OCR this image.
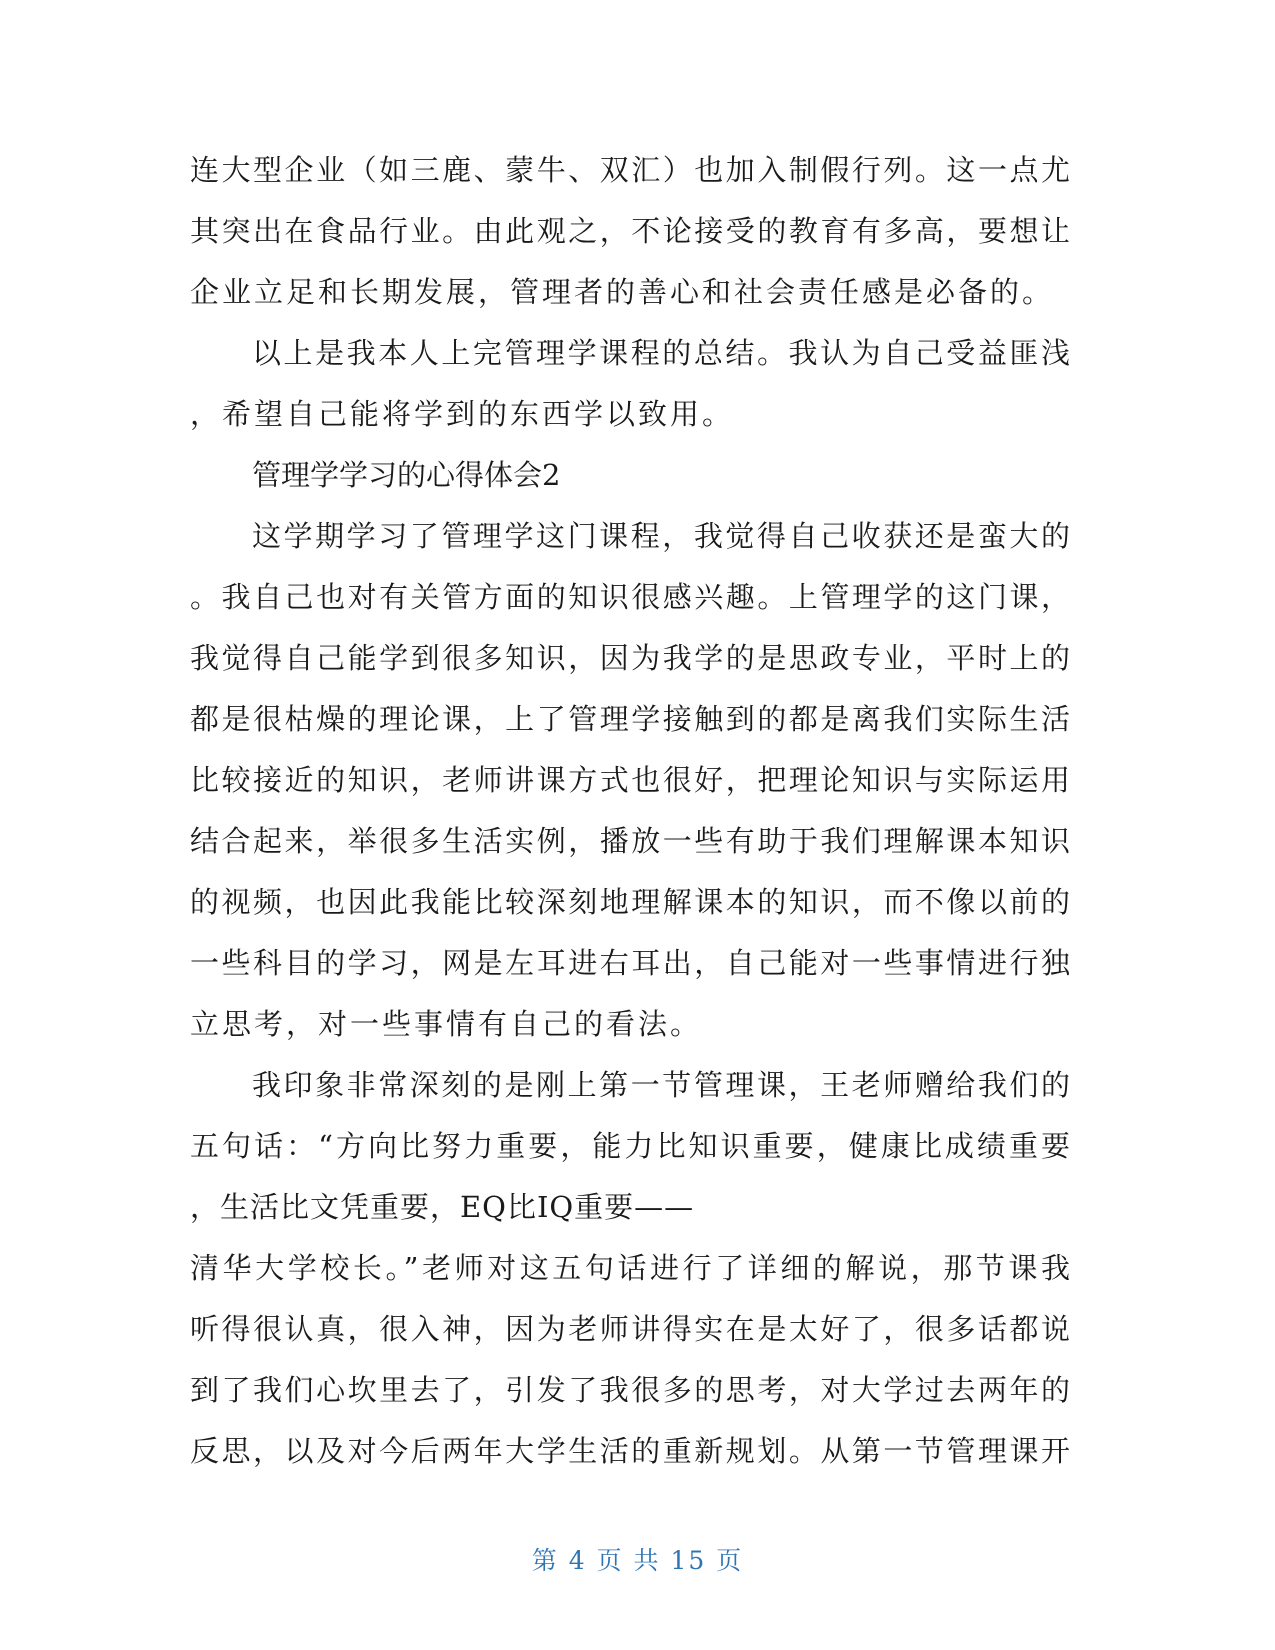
连大型企业（如三鹿、蒙牛、双汇）也加入制假行列。这一点尤
其突出在食品行业。由此观之，不论接受的教育有多高，要想让
企业立足和长期发展，管理者的善心和社会责任感是必备的。
以上是我本人上完管理学课程的总结。我认为自己受益匪浅
，希望自己能将学到的东西学以致用。
管理学学习的心得体会2
这学期学习了管理学这门课程，我觉得自己收获还是蛮大的
。我自己也对有关管方面的知识很感兴趣。上管理学的这门课，
我觉得自己能学到很多知识，因为我学的是思政专业，平时上的
都是很枯燥的理论课，上了管理学接触到的都是离我们实际生活
比较接近的知识，老师讲课方式也很好，把理论知识与实际运用
结合起来，举很多生活实例，播放一些有助于我们理解课本知识
的视频，也因此我能比较深刻地理解课本的知识，而不像以前的
一些科目的学习，网是左耳进右耳出，自己能对一些事情进行独
立思考，对一些事情有自己的看法。
我印象非常深刻的是刚上第一节管理课，王老师赠给我们的
五句话：“方向比努力重要，能力比知识重要，健康比成绩重要
，生活比文凭重要，EQ比IQ重要——
清华大学校长。”老师对这五句话进行了详细的解说，那节课我
听得很认真，很入神，因为老师讲得实在是太好了，很多话都说
到了我们心坎里去了，引发了我很多的思考，对大学过去两年的
反思，以及对今后两年大学生活的重新规划。从第一节管理课开
第 4 页 共 15 页
